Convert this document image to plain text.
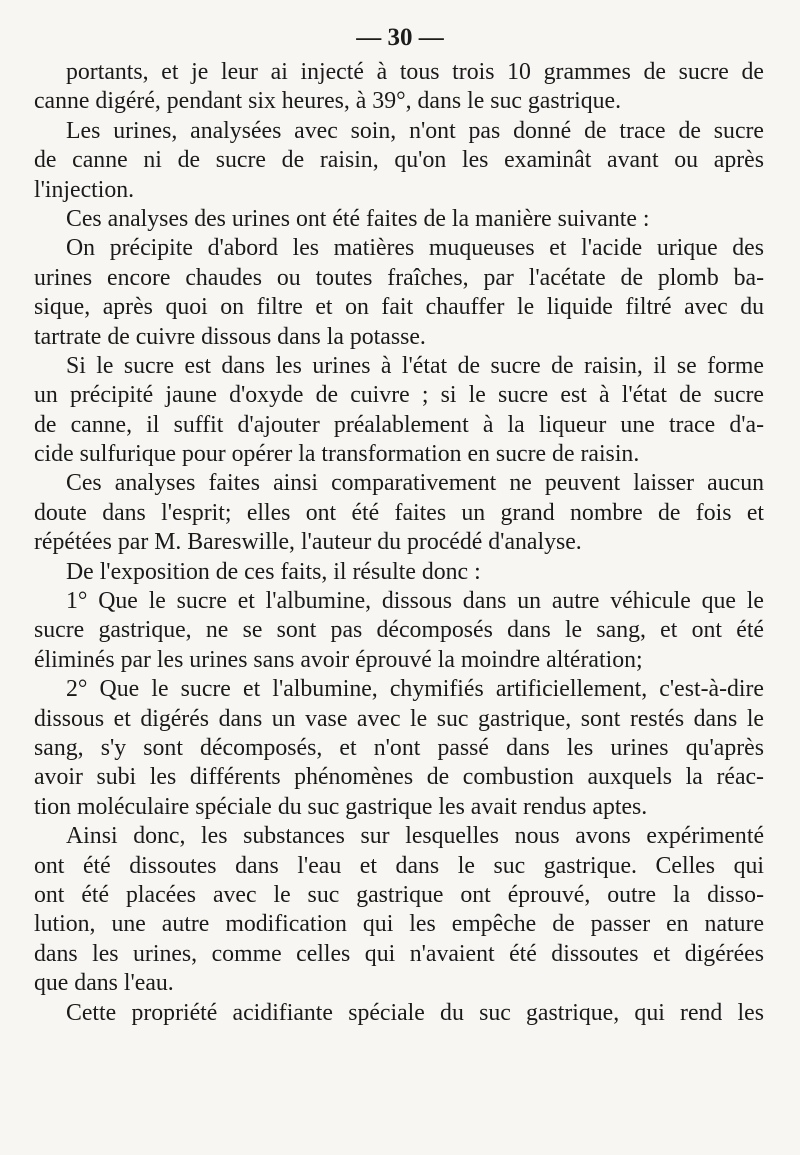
— 30 —
portants, et je leur ai injecté à tous trois 10 grammes de sucre de
canne digéré, pendant six heures, à 39°, dans le suc gastrique.
Les urines, analysées avec soin, n'ont pas donné de trace de sucre
de canne ni de sucre de raisin, qu'on les examinât avant ou après
l'injection.
Ces analyses des urines ont été faites de la manière suivante :
On précipite d'abord les matières muqueuses et l'acide urique des
urines encore chaudes ou toutes fraîches, par l'acétate de plomb ba-
sique, après quoi on filtre et on fait chauffer le liquide filtré avec du
tartrate de cuivre dissous dans la potasse.
Si le sucre est dans les urines à l'état de sucre de raisin, il se forme
un précipité jaune d'oxyde de cuivre ; si le sucre est à l'état de sucre
de canne, il suffit d'ajouter préalablement à la liqueur une trace d'a-
cide sulfurique pour opérer la transformation en sucre de raisin.
Ces analyses faites ainsi comparativement ne peuvent laisser aucun
doute dans l'esprit; elles ont été faites un grand nombre de fois et
répétées par M. Bareswille, l'auteur du procédé d'analyse.
De l'exposition de ces faits, il résulte donc :
1° Que le sucre et l'albumine, dissous dans un autre véhicule que le
sucre gastrique, ne se sont pas décomposés dans le sang, et ont été
éliminés par les urines sans avoir éprouvé la moindre altération;
2° Que le sucre et l'albumine, chymifiés artificiellement, c'est-à-dire
dissous et digérés dans un vase avec le suc gastrique, sont restés dans le
sang, s'y sont décomposés, et n'ont passé dans les urines qu'après
avoir subi les différents phénomènes de combustion auxquels la réac-
tion moléculaire spéciale du suc gastrique les avait rendus aptes.
Ainsi donc, les substances sur lesquelles nous avons expérimenté
ont été dissoutes dans l'eau et dans le suc gastrique. Celles qui
ont été placées avec le suc gastrique ont éprouvé, outre la disso-
lution, une autre modification qui les empêche de passer en nature
dans les urines, comme celles qui n'avaient été dissoutes et digérées
que dans l'eau.
Cette propriété acidifiante spéciale du suc gastrique, qui rend les
